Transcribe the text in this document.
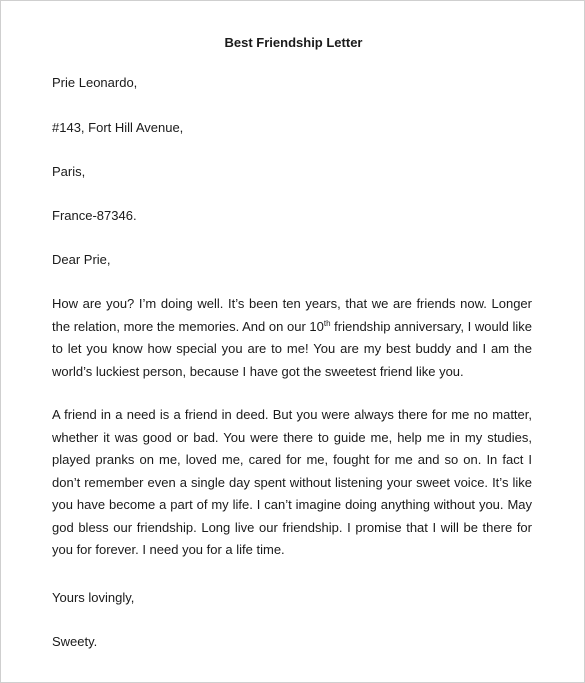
Best Friendship Letter

Prie Leonardo,

#143, Fort Hill Avenue,

Paris,

France-87346.

Dear Prie,

How are you? I’m doing well. It’s been ten years, that we are friends now. Longer
the relation, more the memories. And on our 10th friendship anniversary, I would like
to let you know how special you are to me! You are my best buddy and I am the
world’s luckiest person, because I have got the sweetest friend like you.
A friend in a need is a friend in deed. But you were always there for me no matter,
whether it was good or bad. You were there to guide me, help me in my studies,
played pranks on me, loved me, cared for me, fought for me and so on. In fact I
don’t remember even a single day spent without listening your sweet voice. It’s like
you have become a part of my life. I can’t imagine doing anything without you. May
god bless our friendship. Long live our friendship. I promise that I will be there for
you for forever. I need you for a life time.

Yours lovingly,

Sweety.
